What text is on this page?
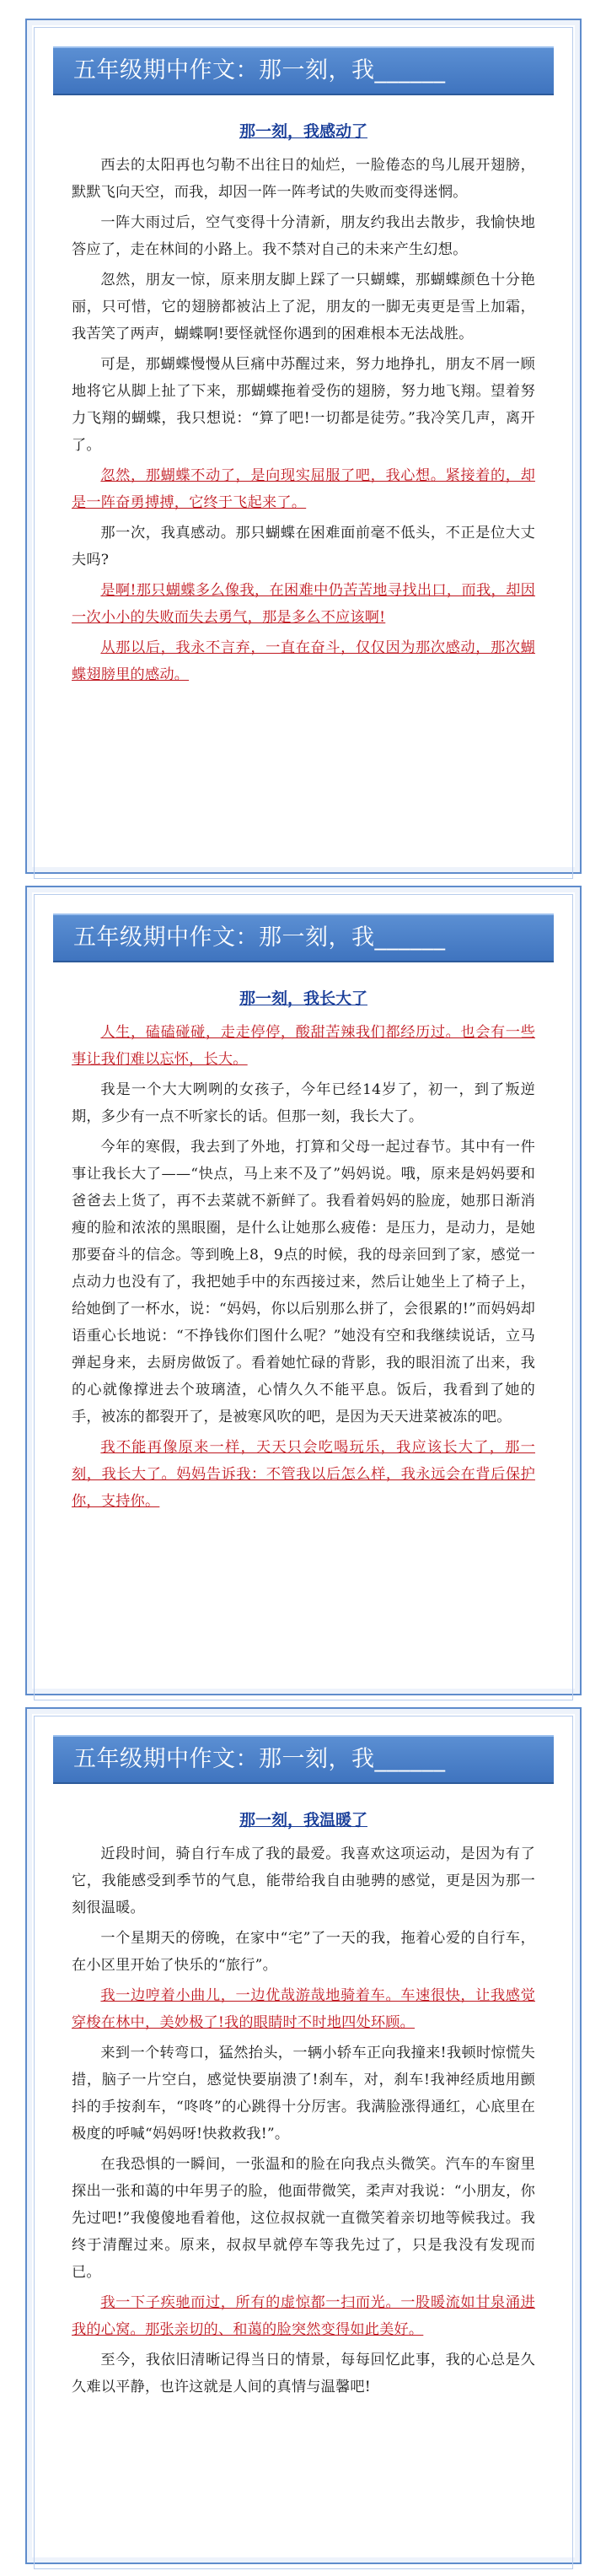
五年级期中作文：那一刻，我______
那一刻，我感动了

西去的太阳再也匀勒不出往日的灿烂，一脸倦态的鸟儿展开翅膀，默默飞向天空，而我，却因一阵一阵考试的失败而变得迷惘。

一阵大雨过后，空气变得十分清新，朋友约我出去散步，我愉快地答应了，走在林间的小路上。我不禁对自己的未来产生幻想。

忽然，朋友一惊，原来朋友脚上踩了一只蝴蝶，那蝴蝶颜色十分艳丽，只可惜，它的翅膀都被沾上了泥，朋友的一脚无夷更是雪上加霜，我苦笑了两声，蝴蝶啊!要怪就怪你遇到的困难根本无法战胜。

可是，那蝴蝶慢慢从巨痛中苏醒过来，努力地挣扎，朋友不屑一顾地将它从脚上扯了下来，那蝴蝶拖着受伤的翅膀，努力地飞翔。望着努力飞翔的蝴蝶，我只想说：“算了吧!一切都是徒劳。”我冷笑几声，离开了。

忽然，那蝴蝶不动了，是向现实屈服了吧，我心想。紧接着的，却是一阵奋勇搏搏，它终于飞起来了。

那一次，我真感动。那只蝴蝶在困难面前毫不低头，不正是位大丈夫吗?

是啊!那只蝴蝶多么像我，在困难中仍苦苦地寻找出口，而我，却因一次小小的失败而失去勇气，那是多么不应该啊!

从那以后，我永不言弃，一直在奋斗，仅仅因为那次感动，那次蝴蝶翅膀里的感动。

五年级期中作文：那一刻，我______
那一刻，我长大了

人生，磕磕碰碰，走走停停，酸甜苦辣我们都经历过。也会有一些事让我们难以忘怀，长大。

我是一个大大咧咧的女孩子，今年已经14岁了，初一，到了叛逆期，多少有一点不听家长的话。但那一刻，我长大了。

今年的寒假，我去到了外地，打算和父母一起过春节。其中有一件事让我长大了——“快点，马上来不及了”妈妈说。哦，原来是妈妈要和爸爸去上货了，再不去菜就不新鲜了。我看着妈妈的脸庞，她那日渐消瘦的脸和浓浓的黑眼圈，是什么让她那么疲倦：是压力，是动力，是她那要奋斗的信念。等到晚上8，9点的时候，我的母亲回到了家，感觉一点动力也没有了，我把她手中的东西接过来，然后让她坐上了椅子上，给她倒了一杯水，说：“妈妈，你以后别那么拼了，会很累的!”而妈妈却语重心长地说：“不挣钱你们图什么呢？”她没有空和我继续说话，立马弹起身来，去厨房做饭了。看着她忙碌的背影，我的眼泪流了出来，我的心就像撑进去个玻璃渣，心情久久不能平息。饭后，我看到了她的手，被冻的都裂开了，是被寒风吹的吧，是因为天天进菜被冻的吧。

我不能再像原来一样，天天只会吃喝玩乐，我应该长大了，那一刻，我长大了。妈妈告诉我：不管我以后怎么样，我永远会在背后保护你，支持你。

五年级期中作文：那一刻，我______
那一刻，我温暖了

近段时间，骑自行车成了我的最爱。我喜欢这项运动，是因为有了它，我能感受到季节的气息，能带给我自由驰骋的感觉，更是因为那一刻很温暖。

一个星期天的傍晚，在家中“宅”了一天的我，拖着心爱的自行车，在小区里开始了快乐的“旅行”。

我一边哼着小曲儿，一边优哉游哉地骑着车。车速很快，让我感觉穿梭在林中，美妙极了!我的眼睛时不时地四处环顾。

来到一个转弯口，猛然抬头，一辆小轿车正向我撞来!我顿时惊慌失措，脑子一片空白，感觉快要崩溃了!刹车，对，刹车!我神经质地用颤抖的手按刹车，“咚咚”的心跳得十分厉害。我满脸涨得通红，心底里在极度的呼喊“妈妈呀!快救救我!”。

在我恐惧的一瞬间，一张温和的脸在向我点头微笑。汽车的车窗里探出一张和蔼的中年男子的脸，他面带微笑，柔声对我说：“小朋友，你先过吧!”我傻傻地看着他，这位叔叔就一直微笑着亲切地等候我过。我终于清醒过来。原来，叔叔早就停车等我先过了，只是我没有发现而已。

我一下子疾驰而过，所有的虚惊都一扫而光。一股暖流如甘泉涌进我的心窝。那张亲切的、和蔼的脸突然变得如此美好。

至今，我依旧清晰记得当日的情景，每每回忆此事，我的心总是久久难以平静，也许这就是人间的真情与温馨吧!
